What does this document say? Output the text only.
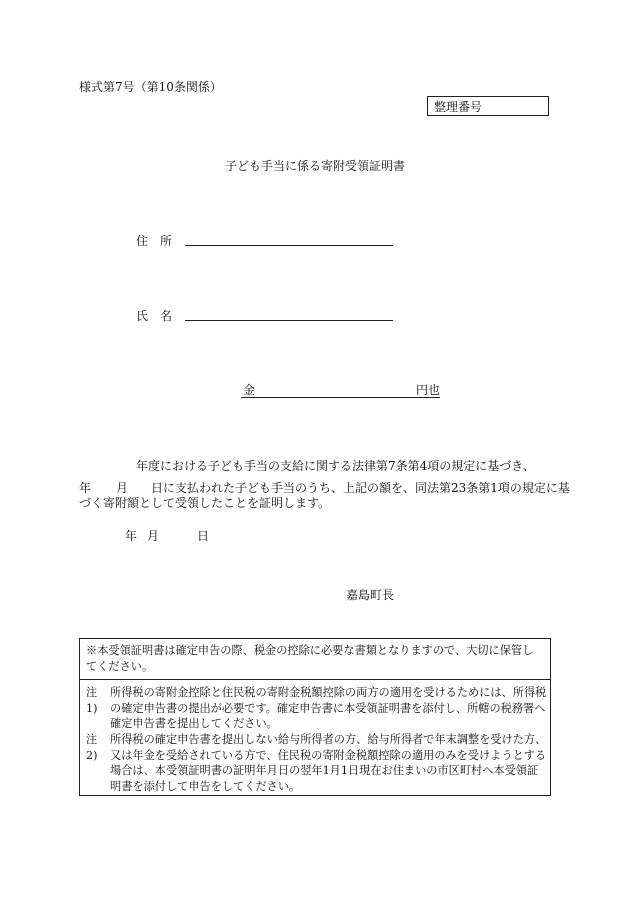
様式第7号（第10条関係）
整理番号
子ども手当に係る寄附受領証明書
住 所
氏 名
金	円也
年度における子ども手当の支給に関する法律第7条第4項の規定に基づき、
年 月 日に支払われた子ども手当のうち、上記の額を、同法第23条第1項の規定に基
づく寄附額として受領したことを証明します。
年 月	日
嘉島町長
※本受領証明書は確定申告の際、税金の控除に必要な書類となりますので、大切に保管してください。
注1)
所得税の寄附金控除と住民税の寄附金税額控除の両方の適用を受けるためには、所得税の確定申告書の提出が必要です。確定申告書に本受領証明書を添付し、所轄の税務署へ確定申告書を提出してください。
注2)
所得税の確定申告書を提出しない給与所得者の方、給与所得者で年末調整を受けた方、又は年金を受給されている方で、住民税の寄附金税額控除の適用のみを受けようとする場合は、本受領証明書の証明年月日の翌年1月1日現在お住まいの市区町村へ本受領証明書を添付して申告をしてください。
